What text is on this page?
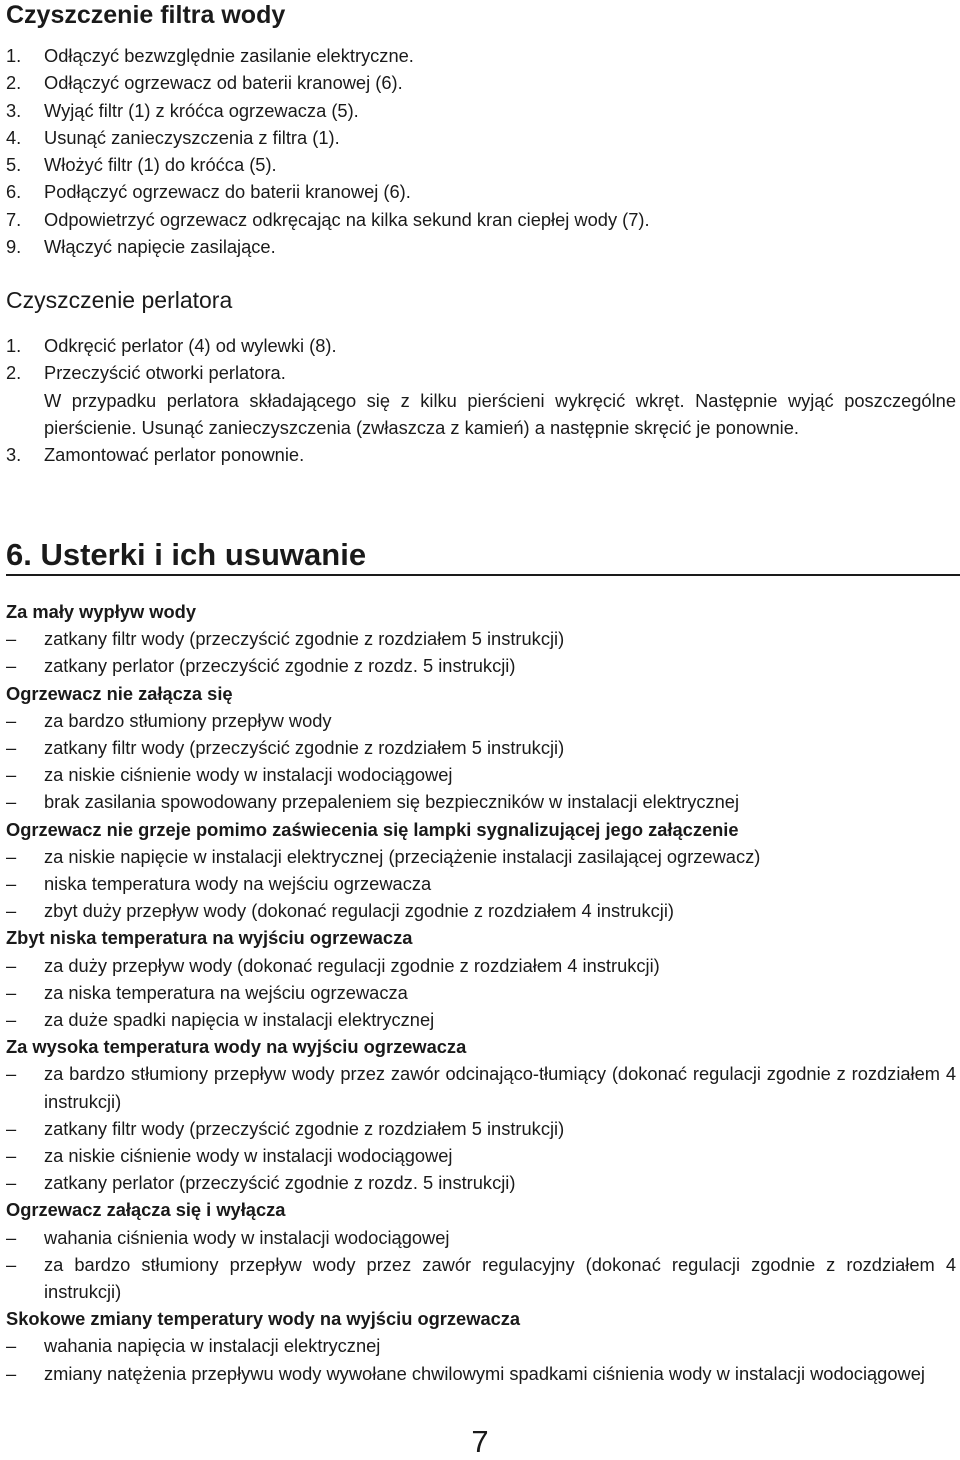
Czyszczenie filtra wody
1.	Odłączyć bezwzględnie zasilanie elektryczne.
2.	Odłączyć ogrzewacz od baterii kranowej (6).
3.	Wyjąć filtr (1) z króćca ogrzewacza (5).
4.	Usunąć zanieczyszczenia z filtra (1).
5.	Włożyć filtr (1) do króćca (5).
6.	Podłączyć ogrzewacz do baterii kranowej (6).
7.	Odpowietrzyć ogrzewacz odkręcając na kilka sekund kran ciepłej wody (7).
9.	Włączyć napięcie zasilające.
Czyszczenie perlatora
1.	Odkręcić perlator (4) od wylewki (8).
2.	Przeczyścić otworki perlatora.
W przypadku perlatora składającego się z kilku pierścieni wykręcić wkręt. Następnie wyjąć poszczególne pierścienie. Usunąć zanieczyszczenia (zwłaszcza z kamień) a następnie skręcić je ponownie.
3.	Zamontować perlator ponownie.
6. Usterki i ich usuwanie
Za mały wypływ wody
–	zatkany filtr wody (przeczyścić zgodnie z rozdziałem 5 instrukcji)
–	zatkany perlator (przeczyścić zgodnie z rozdz. 5 instrukcji)
Ogrzewacz nie załącza się
–	za bardzo stłumiony przepływ wody
–	zatkany filtr wody (przeczyścić zgodnie z rozdziałem 5 instrukcji)
–	za niskie ciśnienie wody w instalacji wodociągowej
–	brak zasilania spowodowany przepaleniem się bezpieczników w instalacji elektrycznej
Ogrzewacz nie grzeje pomimo zaświecenia się lampki sygnalizującej jego załączenie
–	za niskie napięcie w instalacji elektrycznej (przeciążenie instalacji zasilającej ogrzewacz)
–	niska temperatura wody na wejściu ogrzewacza
–	zbyt duży przepływ wody (dokonać regulacji zgodnie z rozdziałem 4 instrukcji)
Zbyt niska temperatura na wyjściu ogrzewacza
–	za duży przepływ wody (dokonać regulacji zgodnie z rozdziałem 4 instrukcji)
–	za niska temperatura na wejściu ogrzewacza
–	za duże spadki napięcia w instalacji elektrycznej
Za wysoka temperatura wody na wyjściu ogrzewacza
–	za bardzo stłumiony przepływ wody przez zawór odcinająco-tłumiący (dokonać regulacji zgodnie z rozdziałem 4 instrukcji)
–	zatkany filtr wody (przeczyścić zgodnie z rozdziałem 5 instrukcji)
–	za niskie ciśnienie wody w instalacji wodociągowej
–	zatkany perlator (przeczyścić zgodnie z rozdz. 5 instrukcji)
Ogrzewacz załącza się i wyłącza
–	wahania ciśnienia wody w instalacji wodociągowej
–	za bardzo stłumiony przepływ wody przez zawór regulacyjny (dokonać regulacji zgodnie z rozdziałem 4 instrukcji)
Skokowe zmiany temperatury wody na wyjściu ogrzewacza
–	wahania napięcia w instalacji elektrycznej
–	zmiany natężenia przepływu wody wywołane chwilowymi spadkami ciśnienia wody w instalacji wodociągowej
7
